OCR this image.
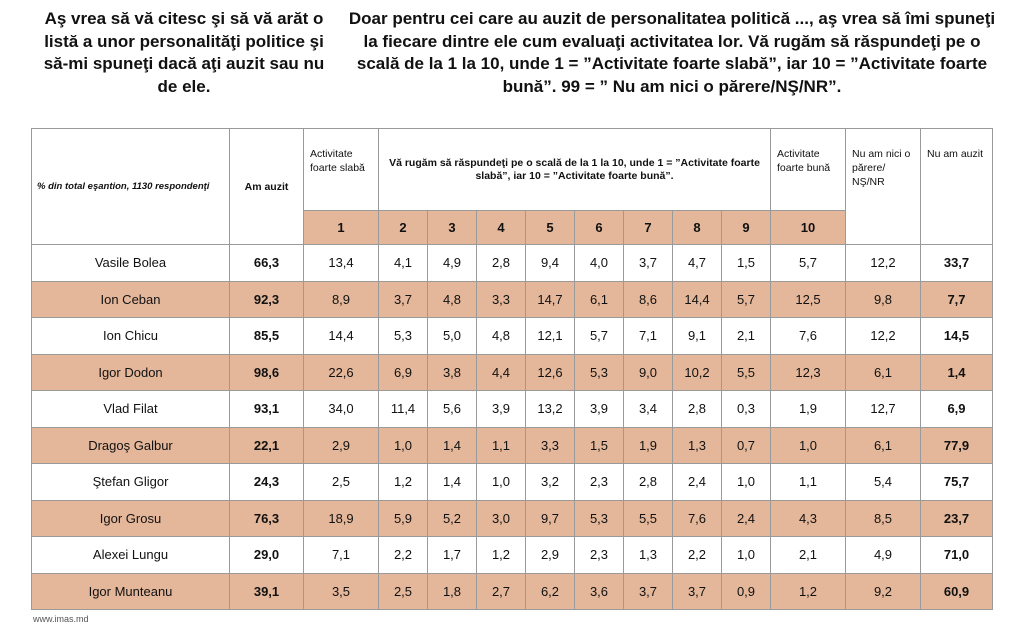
Aş vrea să vă citesc şi să vă arăt o listă a unor personalităţi politice şi să-mi spuneţi dacă aţi auzit sau nu de ele.
Doar pentru cei care au auzit de personalitatea politică ..., aş vrea să îmi spuneţi la fiecare dintre ele cum evaluaţi activitatea lor. Vă rugăm să răspundeţi pe o scală de la 1 la 10, unde 1 = ”Activitate foarte slabă”, iar 10 = ”Activitate foarte bună”. 99 = ” Nu am nici o părere/NŞ/NR”.
% din total eşantion, 1130 respondenţi	Am auzit	Activitate foarte slabă	Vă rugăm să răspundeţi pe o scală de la 1 la 10, unde 1 = ”Activitate foarte slabă”, iar 10 = ”Activitate foarte bună”.								Activitate foarte bună	Nu am nici o părere/ NŞ/NR	Nu am auzit
		1	2	3	4	5	6	7	8	9	10		
Vasile Bolea	66,3	13,4	4,1	4,9	2,8	9,4	4,0	3,7	4,7	1,5	5,7	12,2	33,7
Ion Ceban	92,3	8,9	3,7	4,8	3,3	14,7	6,1	8,6	14,4	5,7	12,5	9,8	7,7
Ion Chicu	85,5	14,4	5,3	5,0	4,8	12,1	5,7	7,1	9,1	2,1	7,6	12,2	14,5
Igor Dodon	98,6	22,6	6,9	3,8	4,4	12,6	5,3	9,0	10,2	5,5	12,3	6,1	1,4
Vlad Filat	93,1	34,0	11,4	5,6	3,9	13,2	3,9	3,4	2,8	0,3	1,9	12,7	6,9
Dragoş Galbur	22,1	2,9	1,0	1,4	1,1	3,3	1,5	1,9	1,3	0,7	1,0	6,1	77,9
Ştefan Gligor	24,3	2,5	1,2	1,4	1,0	3,2	2,3	2,8	2,4	1,0	1,1	5,4	75,7
Igor Grosu	76,3	18,9	5,9	5,2	3,0	9,7	5,3	5,5	7,6	2,4	4,3	8,5	23,7
Alexei Lungu	29,0	7,1	2,2	1,7	1,2	2,9	2,3	1,3	2,2	1,0	2,1	4,9	71,0
Igor Munteanu	39,1	3,5	2,5	1,8	2,7	6,2	3,6	3,7	3,7	0,9	1,2	9,2	60,9
www.imas.md
